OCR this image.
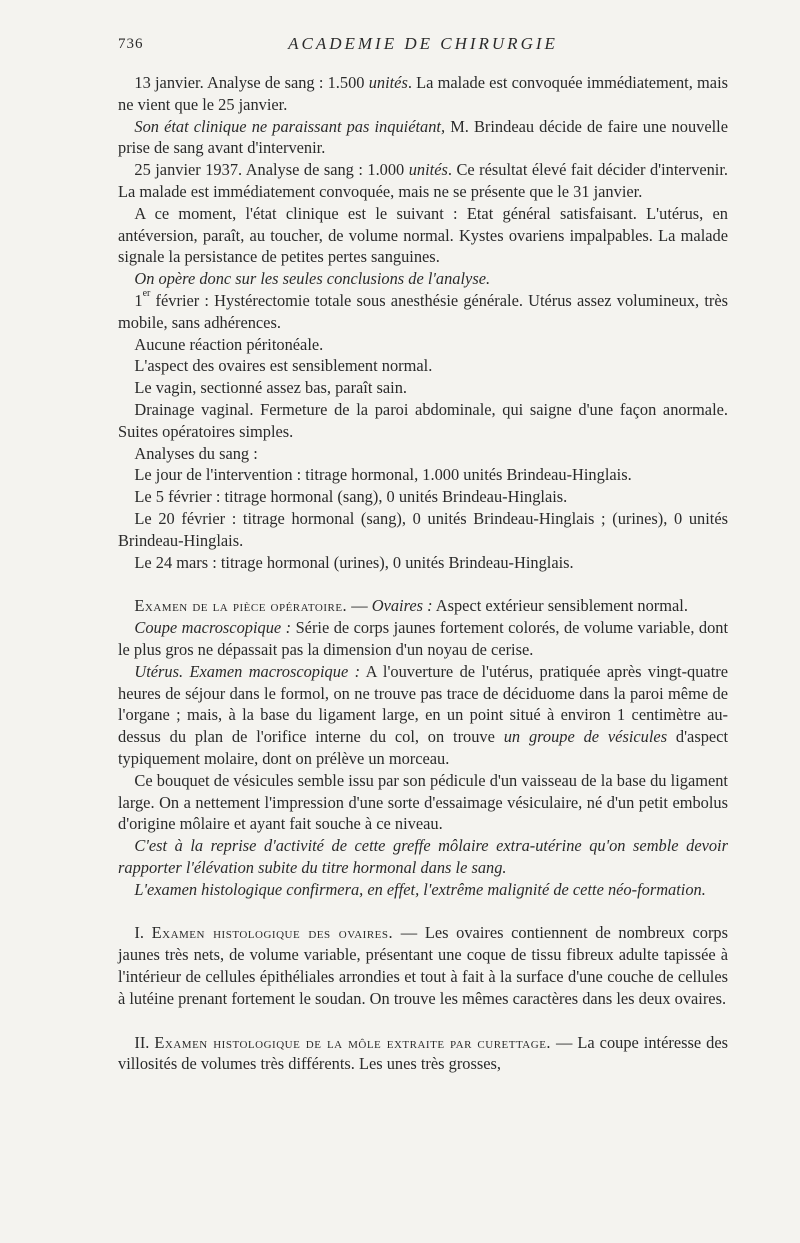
736	ACADEMIE DE CHIRURGIE

 13 janvier. Analyse de sang : 1.500 unités. La malade est convoquée immédiatement, mais ne vient que le 25 janvier.

 Son état clinique ne paraissant pas inquiétant, M. Brindeau décide de faire une nouvelle prise de sang avant d'intervenir.

 25 janvier 1937. Analyse de sang : 1.000 unités. Ce résultat élevé fait décider d'intervenir. La malade est immédiatement convoquée, mais ne se présente que le 31 janvier.

 A ce moment, l'état clinique est le suivant : Etat général satisfaisant. L'utérus, en antéversion, paraît, au toucher, de volume normal. Kystes ovariens impalpables. La malade signale la persistance de petites pertes sanguines.

 On opère donc sur les seules conclusions de l'analyse.

 1er février : Hystérectomie totale sous anesthésie générale. Utérus assez volumineux, très mobile, sans adhérences.

 Aucune réaction péritonéale.

 L'aspect des ovaires est sensiblement normal.

 Le vagin, sectionné assez bas, paraît sain.

 Drainage vaginal. Fermeture de la paroi abdominale, qui saigne d'une façon anormale. Suites opératoires simples.

 Analyses du sang :

 Le jour de l'intervention : titrage hormonal, 1.000 unités Brindeau-Hinglais.

 Le 5 février : titrage hormonal (sang), 0 unités Brindeau-Hinglais.

 Le 20 février : titrage hormonal (sang), 0 unités Brindeau-Hinglais ; (urines), 0 unités Brindeau-Hinglais.

 Le 24 mars : titrage hormonal (urines), 0 unités Brindeau-Hinglais.

 Examen de la pièce opératoire. — Ovaires : Aspect extérieur sensiblement normal.

 Coupe macroscopique : Série de corps jaunes fortement colorés, de volume variable, dont le plus gros ne dépassait pas la dimension d'un noyau de cerise.

 Utérus. Examen macroscopique : A l'ouverture de l'utérus, pratiquée après vingt-quatre heures de séjour dans le formol, on ne trouve pas trace de déciduome dans la paroi même de l'organe ; mais, à la base du ligament large, en un point situé à environ 1 centimètre au-dessus du plan de l'orifice interne du col, on trouve un groupe de vésicules d'aspect typiquement molaire, dont on prélève un morceau.

 Ce bouquet de vésicules semble issu par son pédicule d'un vaisseau de la base du ligament large. On a nettement l'impression d'une sorte d'essaimage vésiculaire, né d'un petit embolus d'origine môlaire et ayant fait souche à ce niveau.

 C'est à la reprise d'activité de cette greffe môlaire extra-utérine qu'on semble devoir rapporter l'élévation subite du titre hormonal dans le sang.

 L'examen histologique confirmera, en effet, l'extrême malignité de cette néo-formation.

 I. Examen histologique des ovaires. — Les ovaires contiennent de nombreux corps jaunes très nets, de volume variable, présentant une coque de tissu fibreux adulte tapissée à l'intérieur de cellules épithéliales arrondies et tout à fait à la surface d'une couche de cellules à lutéine prenant fortement le soudan. On trouve les mêmes caractères dans les deux ovaires.

 II. Examen histologique de la môle extraite par curettage. — La coupe intéresse des villosités de volumes très différents. Les unes très grosses,
